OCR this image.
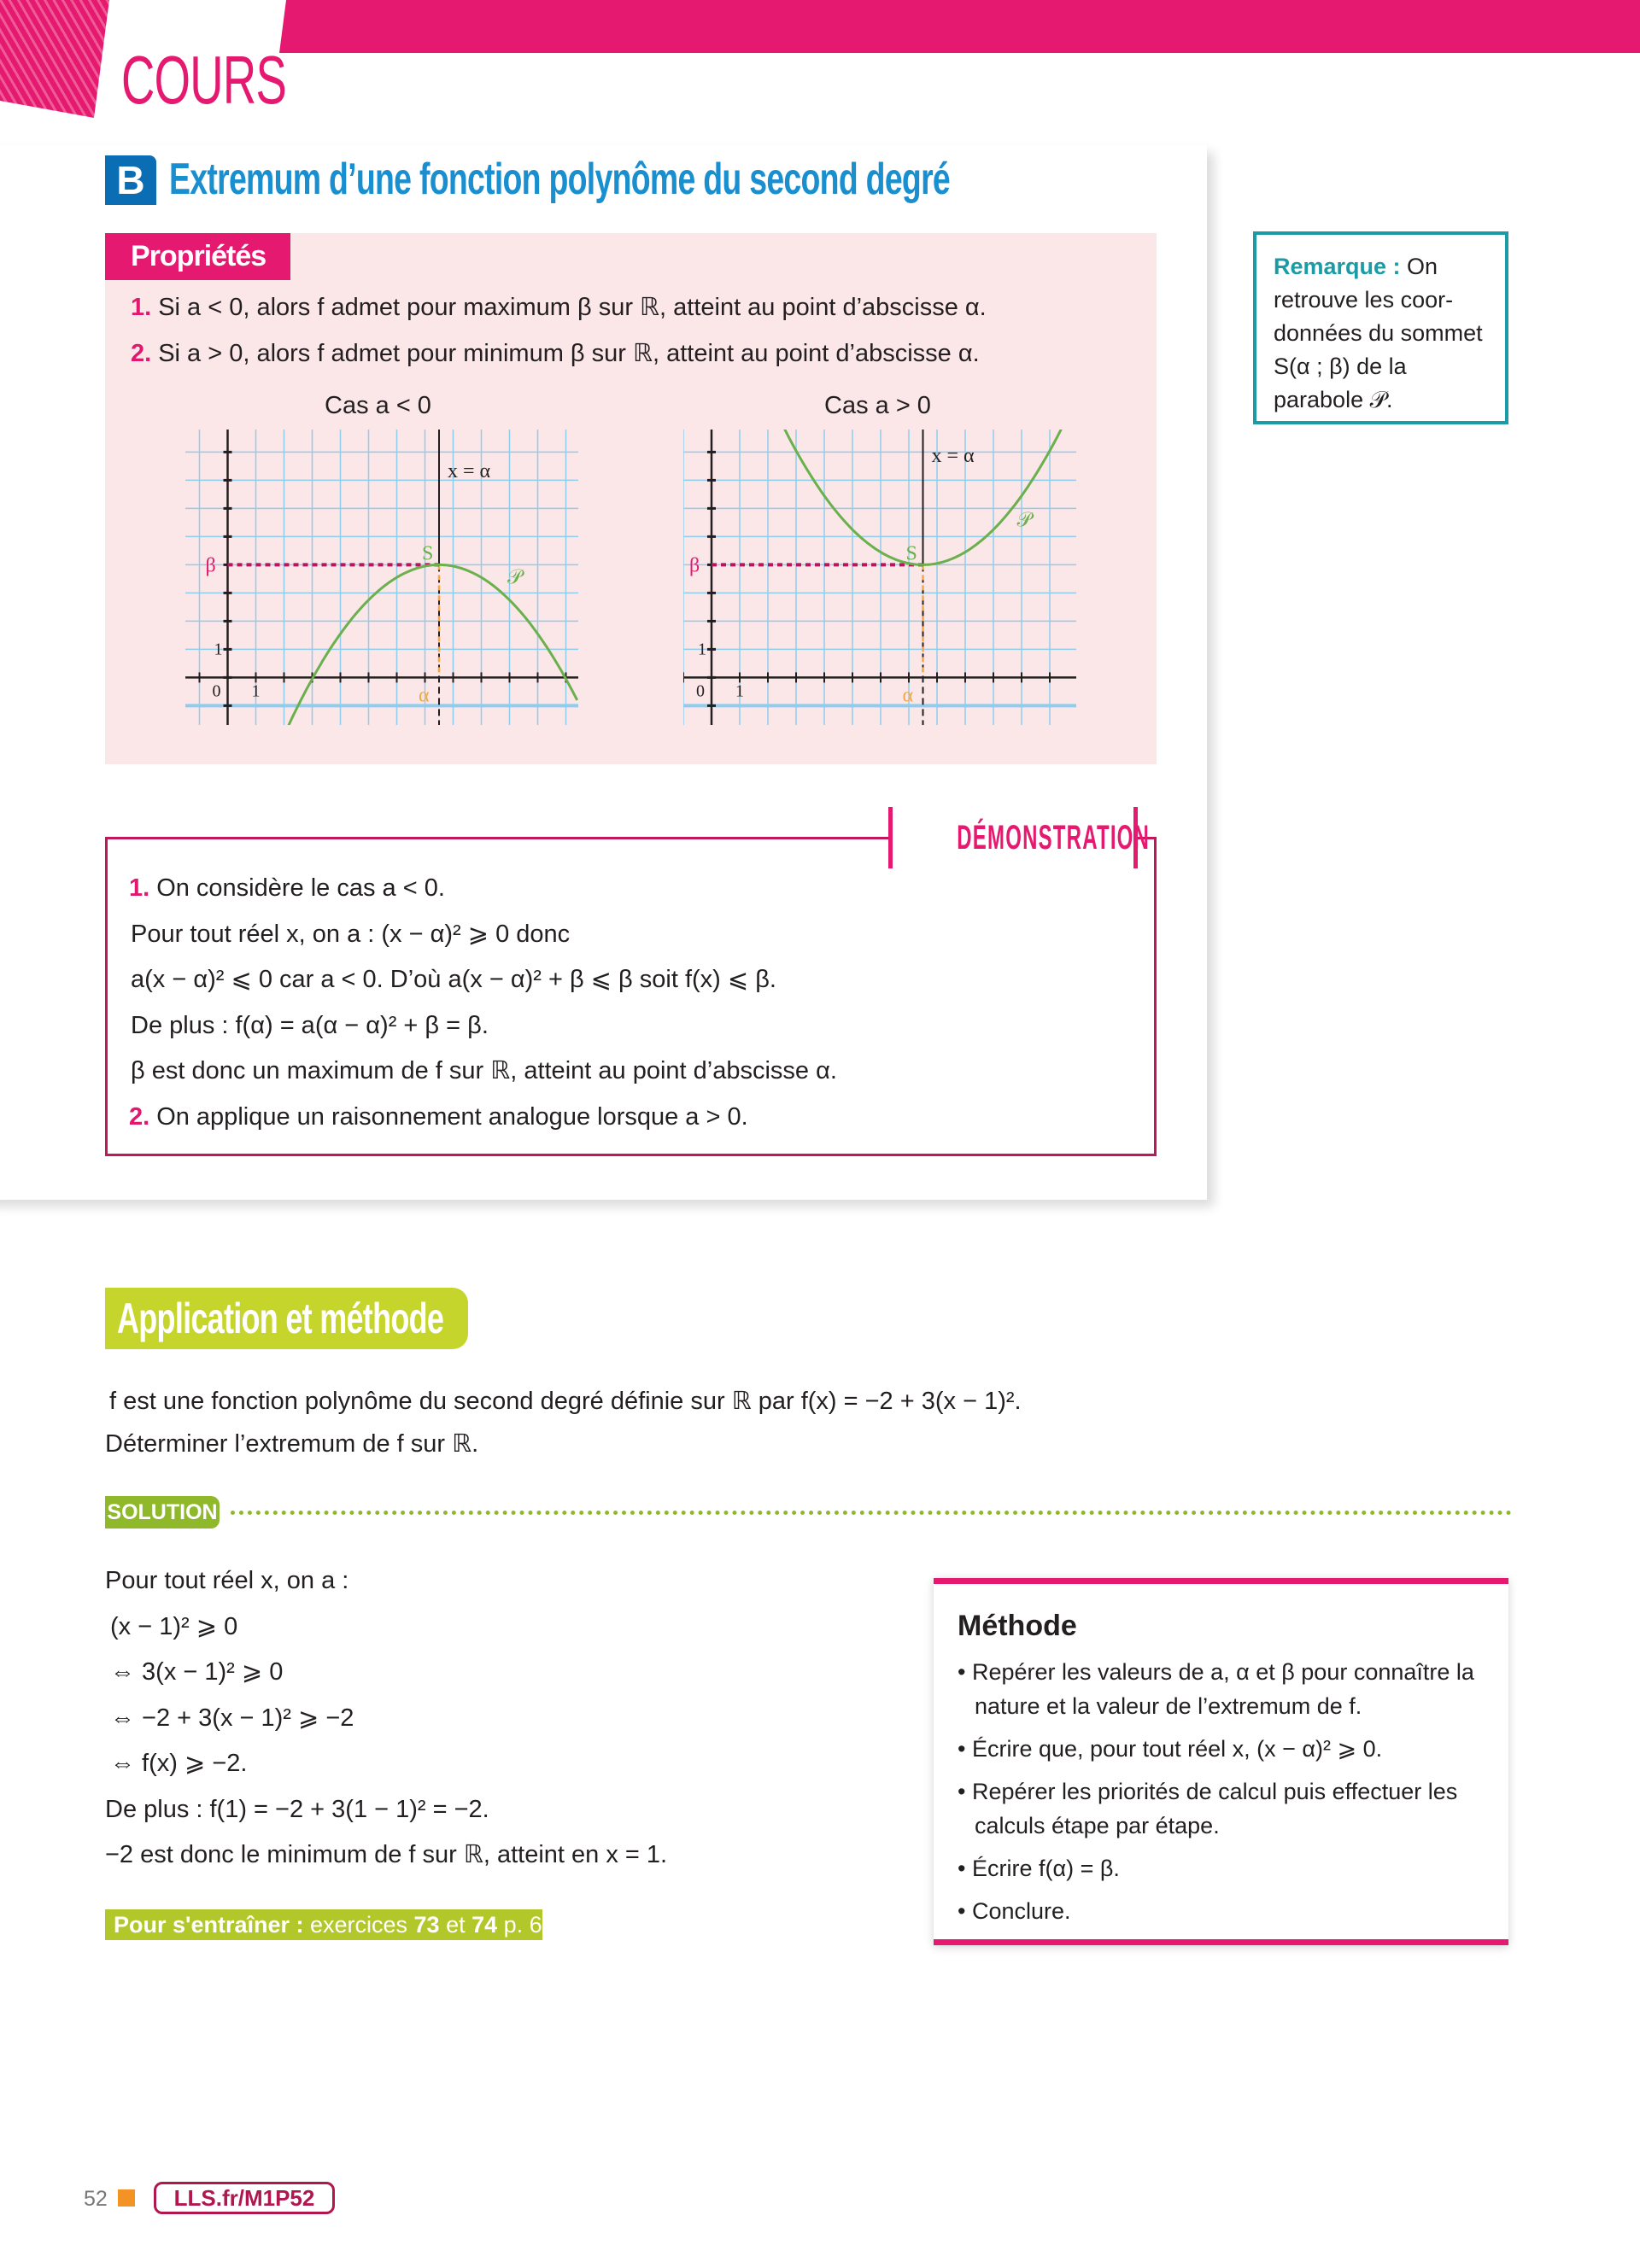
COURS
B Extremum d’une fonction polynôme du second degré
Propriétés
1. Si a < 0, alors f admet pour maximum β sur ℝ, atteint au point d’abscisse α.
2. Si a > 0, alors f admet pour minimum β sur ℝ, atteint au point d’abscisse α.
Cas a < 0	Cas a > 0
x = α
S
𝒫
β
α
0 1
1
x = α
S
𝒫
β
α
0 1
1
Remarque : On retrouve les coor-données du sommet S(α ; β) de la parabole 𝒫.
1. On considère le cas a < 0.
Pour tout réel x, on a : (x − α)² ⩾ 0 donc
a(x − α)² ⩽ 0 car a < 0. D’où a(x − α)² + β ⩽ β soit f(x) ⩽ β.
De plus : f(α) = a(α − α)² + β = β.
β est donc un maximum de f sur ℝ, atteint au point d’abscisse α.
2. On applique un raisonnement analogue lorsque a > 0.
DÉMONSTRATION
Application et méthode
f est une fonction polynôme du second degré définie sur ℝ par f(x) = −2 + 3(x − 1)².
Déterminer l’extremum de f sur ℝ.
SOLUTION
Pour tout réel x, on a :
(x − 1)² ⩾ 0
⇔ 3(x − 1)² ⩾ 0
⇔ −2 + 3(x − 1)² ⩾ −2
⇔ f(x) ⩾ −2.
De plus : f(1) = −2 + 3(1 − 1)² = −2.
−2 est donc le minimum de f sur ℝ, atteint en x = 1.
Pour s'entraîner : exercices 73 et 74 p. 63
Méthode
• Repérer les valeurs de a, α et β pour connaître la nature et la valeur de l’extremum de f.
• Écrire que, pour tout réel x, (x − α)² ⩾ 0.
• Repérer les priorités de calcul puis effectuer les calculs étape par étape.
• Écrire f(α) = β.
• Conclure.
52	LLS.fr/M1P52
